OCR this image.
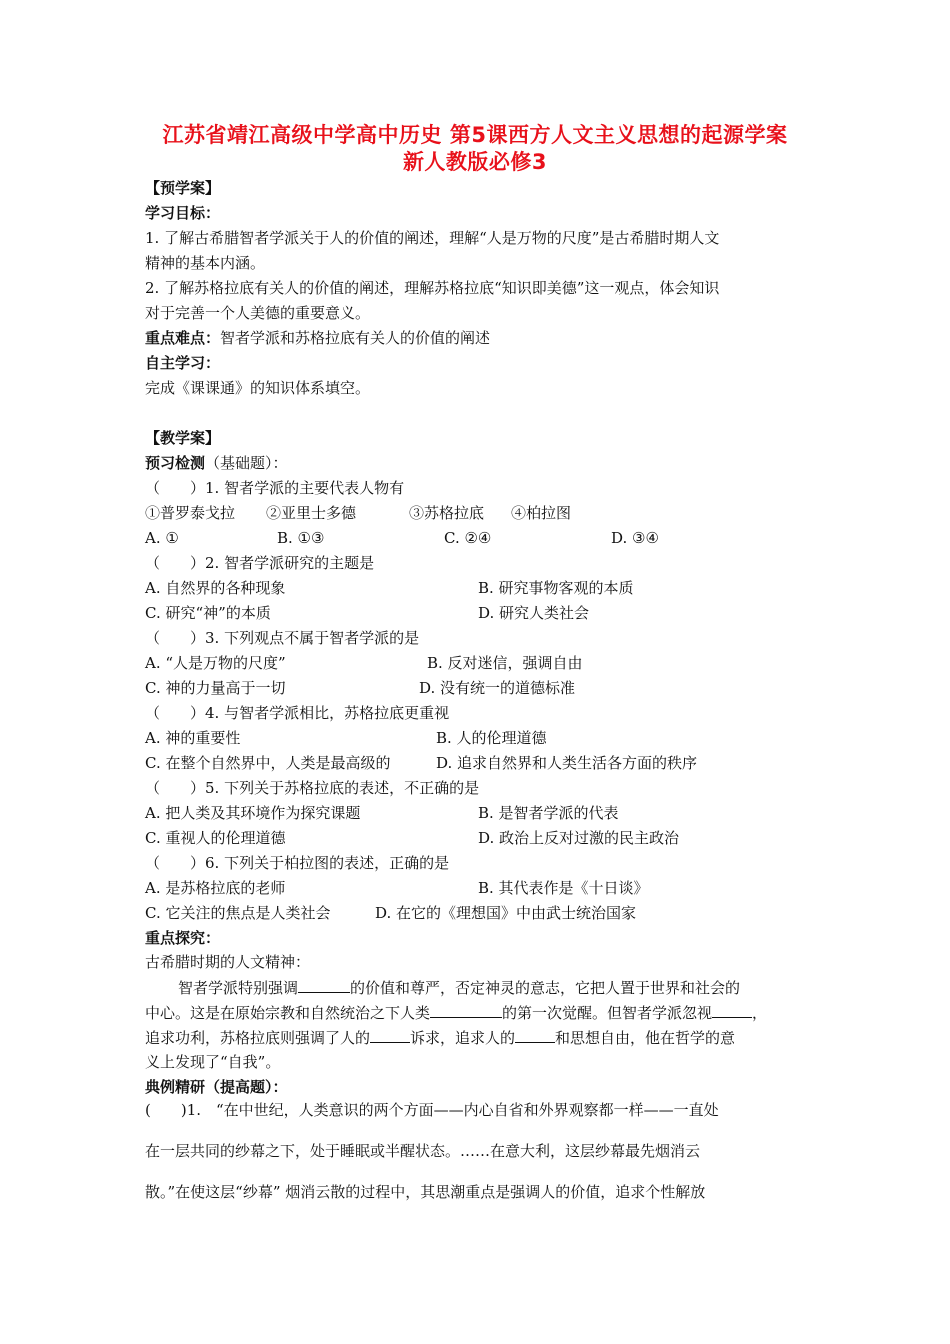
江苏省靖江高级中学高中历史 第5课西方人文主义思想的起源学案
新人教版必修3
【预学案】
学习目标：
1. 了解古希腊智者学派关于人的价值的阐述，理解“人是万物的尺度”是古希腊时期人文
精神的基本内涵。
2. 了解苏格拉底有关人的价值的阐述，理解苏格拉底“知识即美德”这一观点，体会知识
对于完善一个人美德的重要意义。
重点难点：智者学派和苏格拉底有关人的价值的阐述
自主学习：
完成《课课通》的知识体系填空。
【教学案】
预习检测（基础题）：
（　　）1. 智者学派的主要代表人物有
①普罗泰戈拉 ②亚里士多德	③苏格拉底 ④柏拉图
A. ①	B. ①③	C. ②④	D. ③④
（　　）2. 智者学派研究的主题是
A. 自然界的各种现象	B. 研究事物客观的本质
C. 研究“神”的本质	D. 研究人类社会
（　　）3. 下列观点不属于智者学派的是
A. “人是万物的尺度”	B. 反对迷信，强调自由
C. 神的力量高于一切	D. 没有统一的道德标准
（　　）4. 与智者学派相比，苏格拉底更重视
A. 神的重要性	B. 人的伦理道德
C. 在整个自然界中，人类是最高级的	D. 追求自然界和人类生活各方面的秩序
（　　）5. 下列关于苏格拉底的表述，不正确的是
A. 把人类及其环境作为探究课题	B. 是智者学派的代表
C. 重视人的伦理道德	D. 政治上反对过激的民主政治
（　　）6. 下列关于柏拉图的表述，正确的是
A. 是苏格拉底的老师	B. 其代表作是《十日谈》
C. 它关注的焦点是人类社会	D. 在它的《理想国》中由武士统治国家
重点探究：
古希腊时期的人文精神：
智者学派特别强调	的价值和尊严，否定神灵的意志，它把人置于世界和社会的
中心。这是在原始宗教和自然统治之下人类	的第一次觉醒。但智者学派忽视	，
追求功利，苏格拉底则强调了人的	诉求，追求人的	和思想自由，他在哲学的意
义上发现了“自我”。
典例精研（提高题）：
(　　)1.　“在中世纪，人类意识的两个方面——内心自省和外界观察都一样——一直处
在一层共同的纱幕之下，处于睡眠或半醒状态。……在意大利，这层纱幕最先烟消云
散。”在使这层“纱幕” 烟消云散的过程中，其思潮重点是强调人的价值，追求个性解放
